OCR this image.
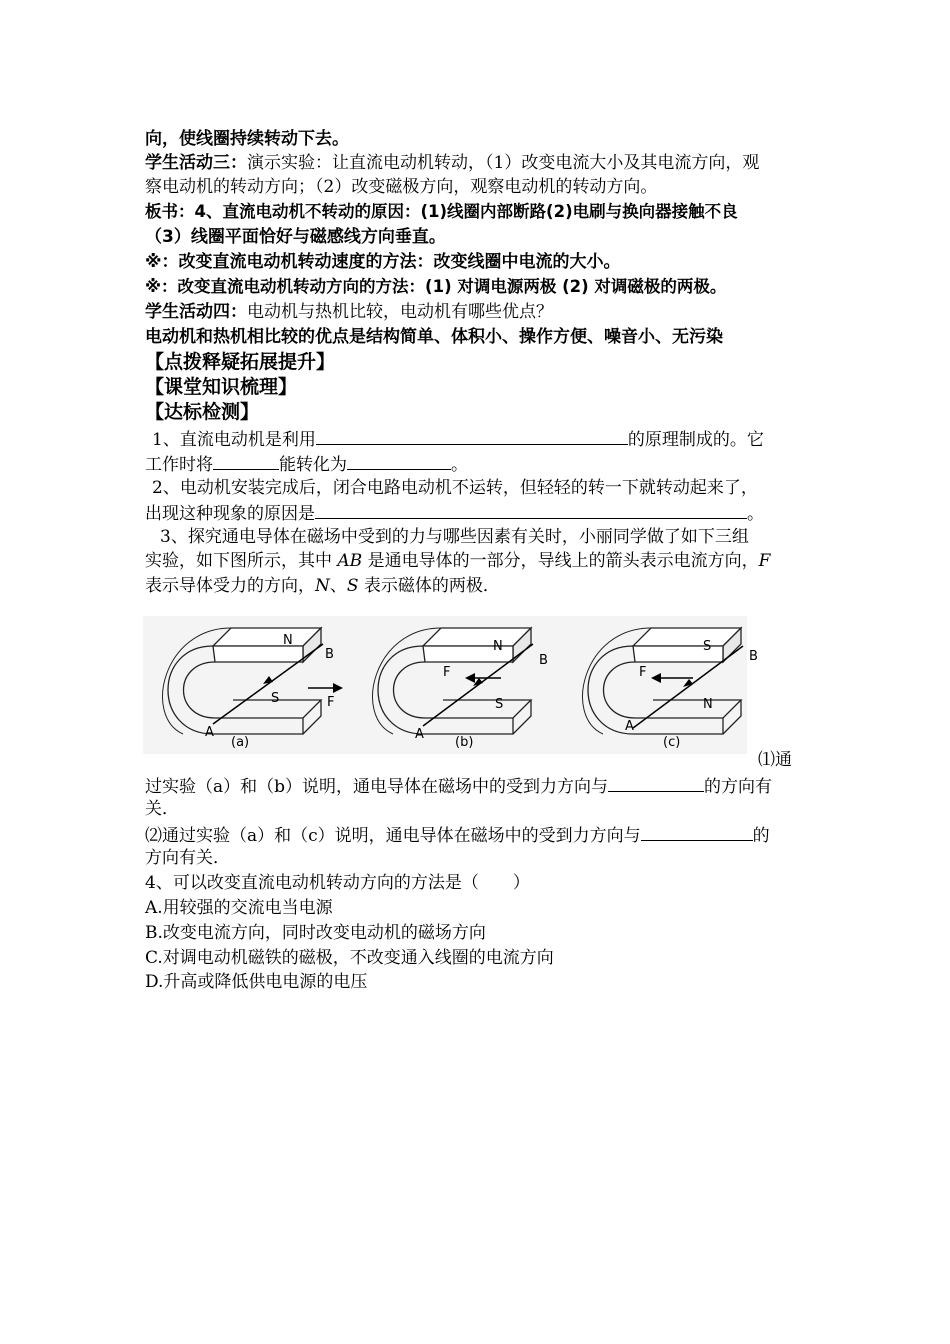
向，使线圈持续转动下去。
学生活动三：演示实验：让直流电动机转动，（1）改变电流大小及其电流方向，观
察电动机的转动方向；（2）改变磁极方向，观察电动机的转动方向。
板书：4、直流电动机不转动的原因：(1)线圈内部断路(2)电刷与换向器接触不良
（3）线圈平面恰好与磁感线方向垂直。
※：改变直流电动机转动速度的方法：改变线圈中电流的大小。
※：改变直流电动机转动方向的方法：(1) 对调电源两极 (2) 对调磁极的两极。
学生活动四：电动机与热机比较，电动机有哪些优点？
电动机和热机相比较的优点是结构简单、体积小、操作方便、噪音小、无污染
【点拨释疑拓展提升】
【课堂知识梳理】
【达标检测】
1、直流电动机是利用	的原理制成的。它
工作时将	能转化为	。
2、电动机安装完成后，闭合电路电动机不运转，但轻轻的转一下就转动起来了，
出现这种现象的原因是	。
3、探究通电导体在磁场中受到的力与哪些因素有关时，小丽同学做了如下三组
实验，如下图所示，其中 AB 是通电导体的一部分，导线上的箭头表示电流方向，F
表示导体受力的方向，N、S 表示磁体的两极．
N
S
B
F
A
(a)
N
S
B
F
A
(b)
S
N
B
F
A
(c)
⑴通
过实验（a）和（b）说明，通电导体在磁场中的受到力方向与	的方向有
关．
⑵通过实验（a）和（c）说明，通电导体在磁场中的受到力方向与	的
方向有关．
4、可以改变直流电动机转动方向的方法是（　　）
A.用较强的交流电当电源
B.改变电流方向，同时改变电动机的磁场方向
C.对调电动机磁铁的磁极，不改变通入线圈的电流方向
D.升高或降低供电电源的电压
